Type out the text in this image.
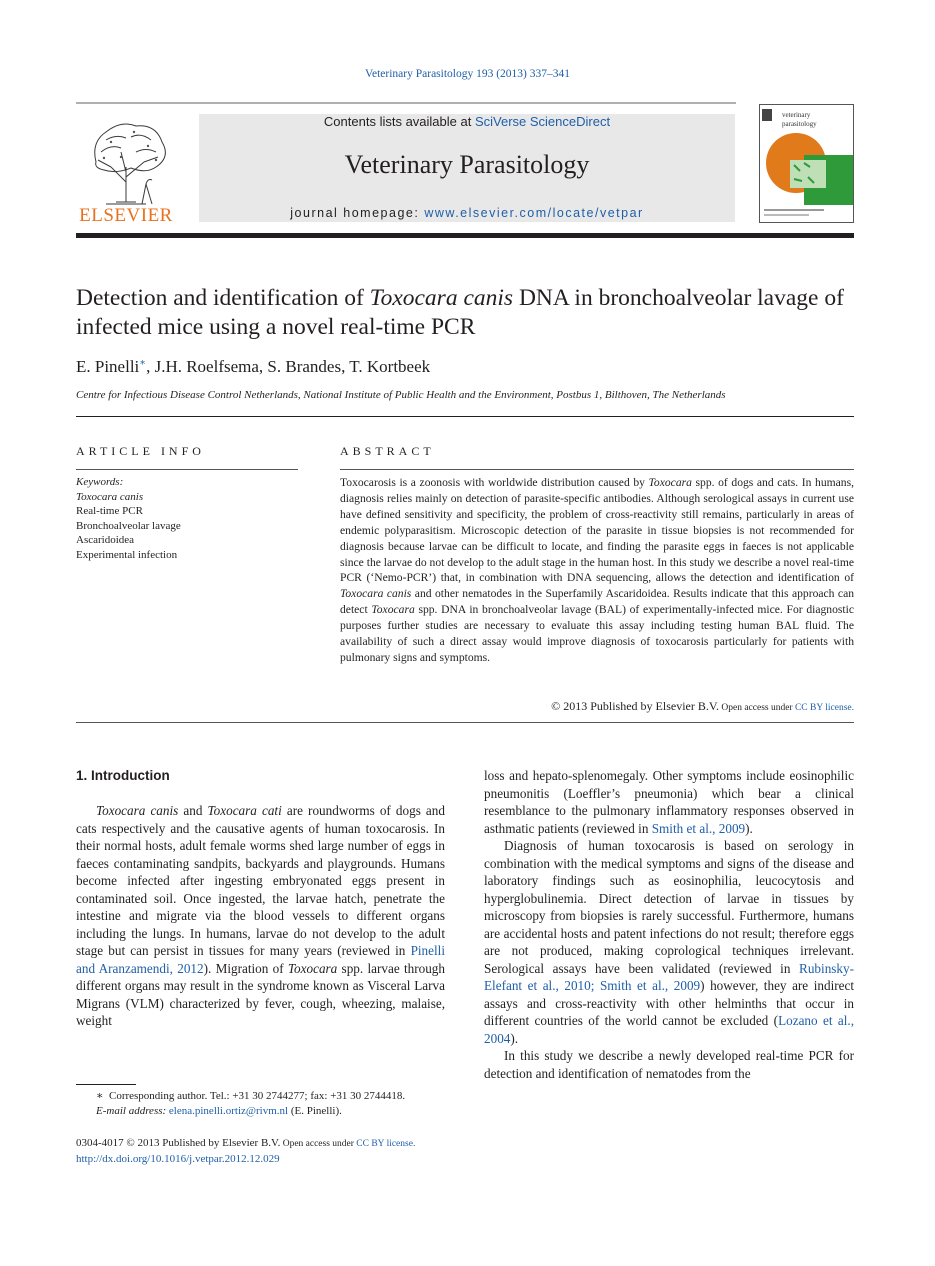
Veterinary Parasitology 193 (2013) 337–341
ELSEVIER
Contents lists available at SciVerse ScienceDirect
Veterinary Parasitology
journal homepage: www.elsevier.com/locate/vetpar
veterinary
parasitology
Detection and identification of Toxocara canis DNA in bronchoalveolar lavage of infected mice using a novel real-time PCR
E. Pinelli∗, J.H. Roelfsema, S. Brandes, T. Kortbeek
Centre for Infectious Disease Control Netherlands, National Institute of Public Health and the Environment, Postbus 1, Bilthoven, The Netherlands
ARTICLE INFO
Keywords:
Toxocara canis
Real-time PCR
Bronchoalveolar lavage
Ascaridoidea
Experimental infection
ABSTRACT
Toxocarosis is a zoonosis with worldwide distribution caused by Toxocara spp. of dogs and cats. In humans, diagnosis relies mainly on detection of parasite-specific antibodies. Although serological assays in current use have defined sensitivity and specificity, the problem of cross-reactivity still remains, particularly in areas of endemic polyparasitism. Microscopic detection of the parasite in tissue biopsies is not recommended for diagnosis because larvae can be difficult to locate, and finding the parasite eggs in faeces is not applicable since the larvae do not develop to the adult stage in the human host. In this study we describe a novel real-time PCR (‘Nemo-PCR’) that, in combination with DNA sequencing, allows the detection and identification of Toxocara canis and other nematodes in the Superfamily Ascaridoidea. Results indicate that this approach can detect Toxocara spp. DNA in bronchoalveolar lavage (BAL) of experimentally-infected mice. For diagnostic purposes further studies are necessary to evaluate this assay including testing human BAL fluid. The availability of such a direct assay would improve diagnosis of toxocarosis particularly for patients with pulmonary signs and symptoms.
© 2013 Published by Elsevier B.V. Open access under CC BY license.
1. Introduction

Toxocara canis and Toxocara cati are roundworms of dogs and cats respectively and the causative agents of human toxocarosis. In their normal hosts, adult female worms shed large number of eggs in faeces contaminating sandpits, backyards and playgrounds. Humans become infected after ingesting embryonated eggs present in contaminated soil. Once ingested, the larvae hatch, penetrate the intestine and migrate via the blood vessels to different organs including the lungs. In humans, larvae do not develop to the adult stage but can persist in tissues for many years (reviewed in Pinelli and Aranzamendi, 2012). Migration of Toxocara spp. larvae through different organs may result in the syndrome known as Visceral Larva Migrans (VLM) characterized by fever, cough, wheezing, malaise, weight

loss and hepato-splenomegaly. Other symptoms include eosinophilic pneumonitis (Loeffler’s pneumonia) which bear a clinical resemblance to the pulmonary inflammatory responses observed in asthmatic patients (reviewed in Smith et al., 2009).

Diagnosis of human toxocarosis is based on serology in combination with the medical symptoms and signs of the disease and laboratory findings such as eosinophilia, leucocytosis and hyperglobulinemia. Direct detection of larvae in tissues by microscopy from biopsies is rarely successful. Furthermore, humans are accidental hosts and patent infections do not result; therefore eggs are not produced, making coprological techniques irrelevant. Serological assays have been validated (reviewed in Rubinsky-Elefant et al., 2010; Smith et al., 2009) however, they are indirect assays and cross-reactivity with other helminths that occur in different countries of the world cannot be excluded (Lozano et al., 2004).

In this study we describe a newly developed real-time PCR for detection and identification of nematodes from the

∗ Corresponding author. Tel.: +31 30 2744277; fax: +31 30 2744418.
E-mail address: elena.pinelli.ortiz@rivm.nl (E. Pinelli).
0304-4017 © 2013 Published by Elsevier B.V. Open access under CC BY license.
http://dx.doi.org/10.1016/j.vetpar.2012.12.029
